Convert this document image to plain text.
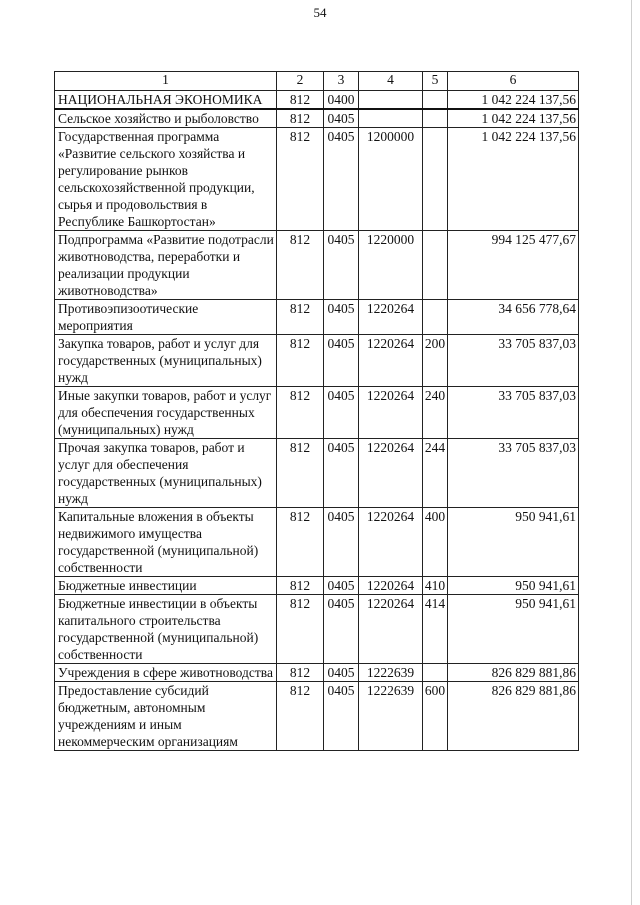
54
1	2	3	4	5	6
НАЦИОНАЛЬНАЯ ЭКОНОМИКА	812	0400			1 042 224 137,56
Сельское хозяйство и рыболовство	812	0405			1 042 224 137,56
Государственная программа «Развитие сельского хозяйства и регулирование рынков сельскохозяйственной продукции, сырья и продовольствия в Республике Башкортостан»	812	0405	1200000		1 042 224 137,56
Подпрограмма «Развитие подотрасли животноводства, переработки и реализации продукции животноводства»	812	0405	1220000		994 125 477,67
Противоэпизоотические мероприятия	812	0405	1220264		34 656 778,64
Закупка товаров, работ и услуг для государственных (муниципальных) нужд	812	0405	1220264	200	33 705 837,03
Иные закупки товаров, работ и услуг для обеспечения государственных (муниципальных) нужд	812	0405	1220264	240	33 705 837,03
Прочая закупка товаров, работ и услуг для обеспечения государственных (муниципальных) нужд	812	0405	1220264	244	33 705 837,03
Капитальные вложения в объекты недвижимого имущества государственной (муниципальной) собственности	812	0405	1220264	400	950 941,61
Бюджетные инвестиции	812	0405	1220264	410	950 941,61
Бюджетные инвестиции в объекты капитального строительства государственной (муниципальной) собственности	812	0405	1220264	414	950 941,61
Учреждения в сфере животноводства	812	0405	1222639		826 829 881,86
Предоставление субсидий бюджетным, автономным учреждениям и иным некоммерческим организациям	812	0405	1222639	600	826 829 881,86
